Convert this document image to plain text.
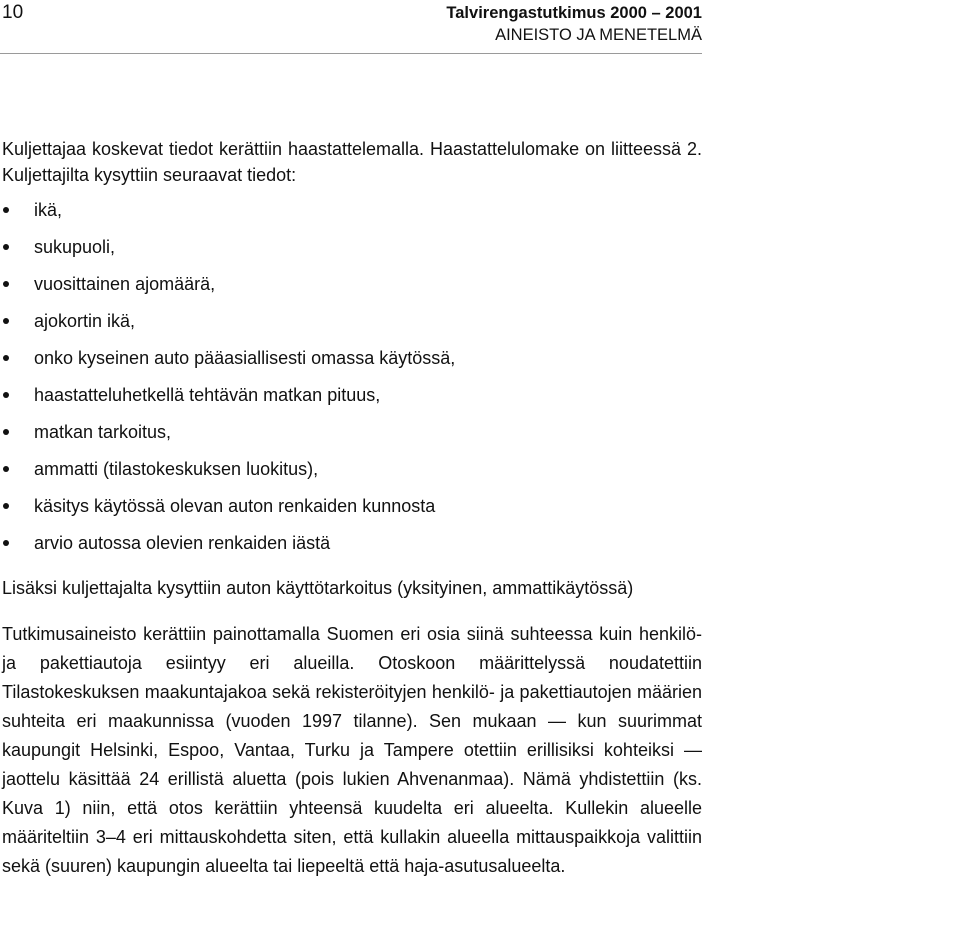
10	Talvirengastutkimus 2000 – 2001
AINEISTO JA MENETELMÄ

Kuljettajaa koskevat tiedot kerättiin haastattelemalla. Haastattelulomake on liitteessä 2. Kuljettajilta kysyttiin seuraavat tiedot:

ikä,
sukupuoli,
vuosittainen ajomäärä,
ajokortin ikä,
onko kyseinen auto pääasiallisesti omassa käytössä,
haastatteluhetkellä tehtävän matkan pituus,
matkan tarkoitus,
ammatti (tilastokeskuksen luokitus),
käsitys käytössä olevan auton renkaiden kunnosta
arvio autossa olevien renkaiden iästä

Lisäksi kuljettajalta kysyttiin auton käyttötarkoitus (yksityinen, ammattikäytössä)

Tutkimusaineisto kerättiin painottamalla Suomen eri osia siinä suhteessa kuin henkilö- ja pakettiautoja esiintyy eri alueilla. Otoskoon määrittelyssä noudatettiin Tilastokeskuksen maakuntajakoa sekä rekisteröityjen henkilö- ja pakettiautojen määrien suhteita eri maakunnissa (vuoden 1997 tilanne). Sen mukaan — kun suurimmat kaupungit Helsinki, Espoo, Vantaa, Turku ja Tampere otettiin erillisiksi kohteiksi — jaottelu käsittää 24 erillistä aluetta (pois lukien Ahvenanmaa). Nämä yhdistettiin (ks. Kuva 1) niin, että otos kerättiin yhteensä kuudelta eri alueelta. Kullekin alueelle määriteltiin 3–4 eri mittauskohdetta siten, että kullakin alueella mittauspaikkoja valittiin sekä (suuren) kaupungin alueelta tai liepeeltä että haja-asutusalueelta.
